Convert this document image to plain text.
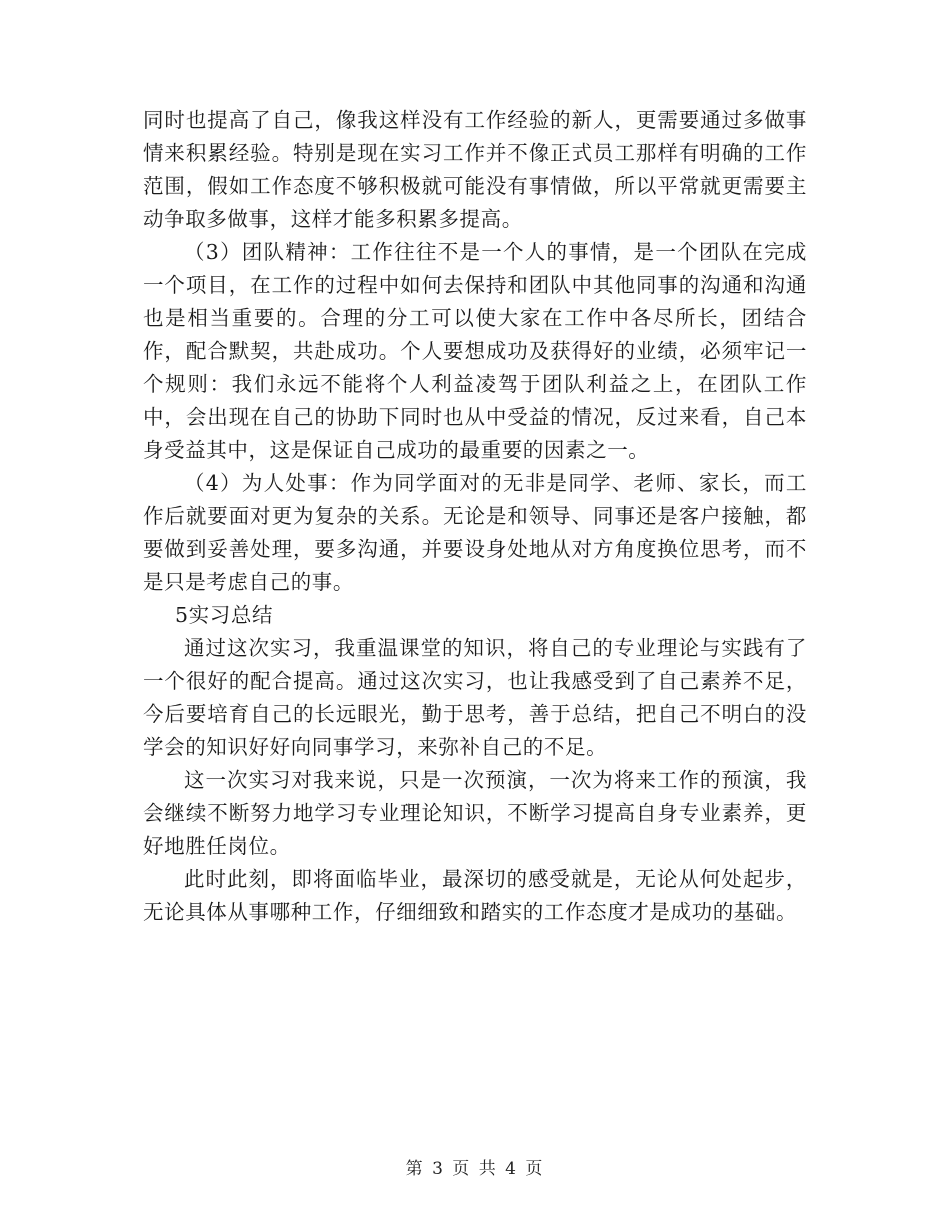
同时也提高了自己，像我这样没有工作经验的新人，更需要通过多做事情来积累经验。特别是现在实习工作并不像正式员工那样有明确的工作范围，假如工作态度不够积极就可能没有事情做，所以平常就更需要主动争取多做事，这样才能多积累多提高。

（3）团队精神：工作往往不是一个人的事情，是一个团队在完成一个项目，在工作的过程中如何去保持和团队中其他同事的沟通和沟通也是相当重要的。合理的分工可以使大家在工作中各尽所长，团结合作，配合默契，共赴成功。个人要想成功及获得好的业绩，必须牢记一个规则：我们永远不能将个人利益凌驾于团队利益之上，在团队工作中，会出现在自己的协助下同时也从中受益的情况，反过来看，自己本身受益其中，这是保证自己成功的最重要的因素之一。

（4）为人处事：作为同学面对的无非是同学、老师、家长，而工作后就要面对更为复杂的关系。无论是和领导、同事还是客户接触，都要做到妥善处理，要多沟通，并要设身处地从对方角度换位思考，而不是只是考虑自己的事。

5实习总结

通过这次实习，我重温课堂的知识，将自己的专业理论与实践有了一个很好的配合提高。通过这次实习，也让我感受到了自己素养不足，今后要培育自己的长远眼光，勤于思考，善于总结，把自己不明白的没学会的知识好好向同事学习，来弥补自己的不足。

这一次实习对我来说，只是一次预演，一次为将来工作的预演，我会继续不断努力地学习专业理论知识，不断学习提高自身专业素养，更好地胜任岗位。

此时此刻，即将面临毕业，最深切的感受就是，无论从何处起步，无论具体从事哪种工作，仔细细致和踏实的工作态度才是成功的基础。

第 3 页 共 4 页
